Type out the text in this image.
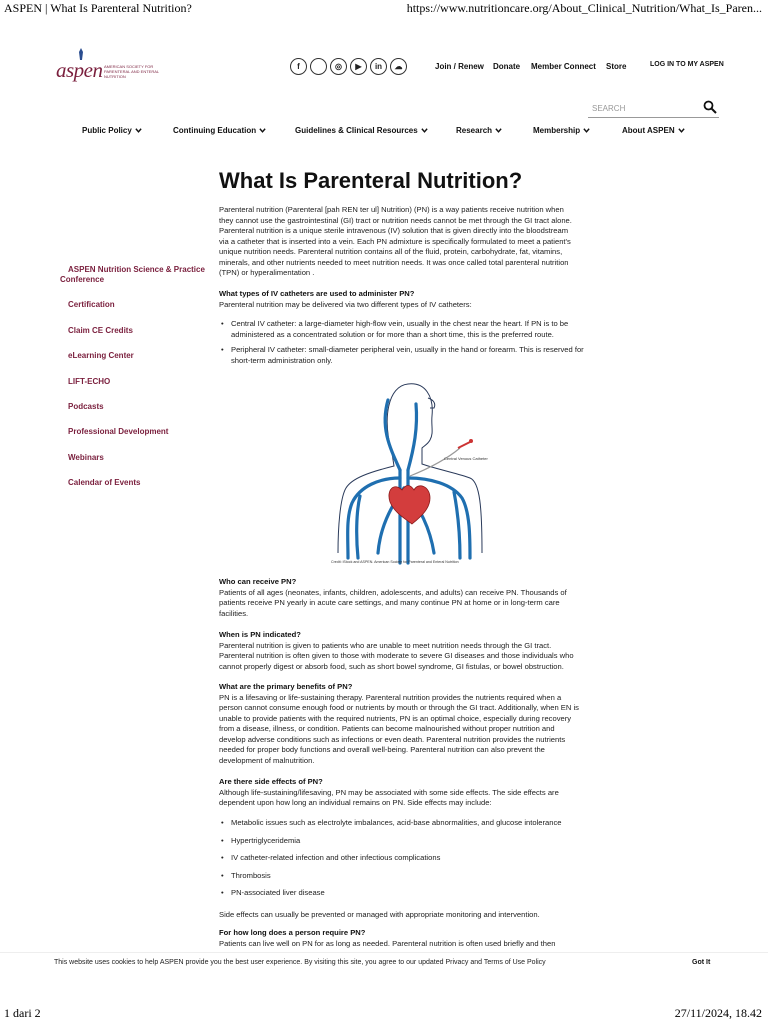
ASPEN | What Is Parenteral Nutrition?	https://www.nutritioncare.org/About_Clinical_Nutrition/What_Is_Paren...
aspen AMERICAN SOCIETY FOR PARENTERAL AND ENTERAL NUTRITION
f	◎	▶	in	☁	Join / Renew Donate Member Connect Store	LOG IN TO MY ASPEN
SEARCH
Public Policy	Continuing Education	Guidelines & Clinical Resources	Research	Membership	About ASPEN
ASPEN Nutrition Science & Practice Conference
Certification
Claim CE Credits
eLearning Center
LIFT-ECHO
Podcasts
Professional Development
Webinars
Calendar of Events
What Is Parenteral Nutrition?
Parenteral nutrition (Parenteral [pah REN ter ul] Nutrition) (PN) is a way patients receive nutrition when they cannot use the gastrointestinal (GI) tract or nutrition needs cannot be met through the GI tract alone. Parenteral nutrition is a unique sterile intravenous (IV) solution that is given directly into the bloodstream via a catheter that is inserted into a vein. Each PN admixture is specifically formulated to meet a patient's unique nutrition needs. Parenteral nutrition contains all of the fluid, protein, carbohydrate, fat, vitamins, minerals, and other nutrients needed to meet nutrition needs. It was once called total parenteral nutrition (TPN) or hyperalimentation .
What types of IV catheters are used to administer PN?
Parenteral nutrition may be delivered via two different types of IV catheters:
• Central IV catheter: a large-diameter high-flow vein, usually in the chest near the heart. If PN is to be administered as a concentrated solution or for more than a short time, this is the preferred route.
• Peripheral IV catheter: small-diameter peripheral vein, usually in the hand or forearm. This is reserved for short-term administration only.
Central Venous Catheter
Credit: iStock and ASPEN. American Society for Parenteral and Enteral Nutrition
Who can receive PN?
Patients of all ages (neonates, infants, children, adolescents, and adults) can receive PN. Thousands of patients receive PN yearly in acute care settings, and many continue PN at home or in long-term care facilities.
When is PN indicated?
Parenteral nutrition is given to patients who are unable to meet nutrition needs through the GI tract. Parenteral nutrition is often given to those with moderate to severe GI diseases and those individuals who cannot properly digest or absorb food, such as short bowel syndrome, GI fistulas, or bowel obstruction.
What are the primary benefits of PN?
PN is a lifesaving or life-sustaining therapy. Parenteral nutrition provides the nutrients required when a person cannot consume enough food or nutrients by mouth or through the GI tract. Additionally, when EN is unable to provide patients with the required nutrients, PN is an optimal choice, especially during recovery from a disease, illness, or condition. Patients can become malnourished without proper nutrition and develop adverse conditions such as infections or even death. Parenteral nutrition provides the nutrients needed for proper body functions and overall well-being. Parenteral nutrition can also prevent the development of malnutrition.
Are there side effects of PN?
Although life-sustaining/lifesaving, PN may be associated with some side effects. The side effects are dependent upon how long an individual remains on PN. Side effects may include:
• Metabolic issues such as electrolyte imbalances, acid-base abnormalities, and glucose intolerance
• Hypertriglyceridemia
• IV catheter-related infection and other infectious complications
• Thrombosis
• PN-associated liver disease
Side effects can usually be prevented or managed with appropriate monitoring and intervention.
For how long does a person require PN?
Patients can live well on PN for as long as needed. Parenteral nutrition is often used briefly and then
This website uses cookies to help ASPEN provide you the best user experience. By visiting this site, you agree to our updated Privacy and Terms of Use Policy	Got It
1 dari 2	27/11/2024, 18.42
